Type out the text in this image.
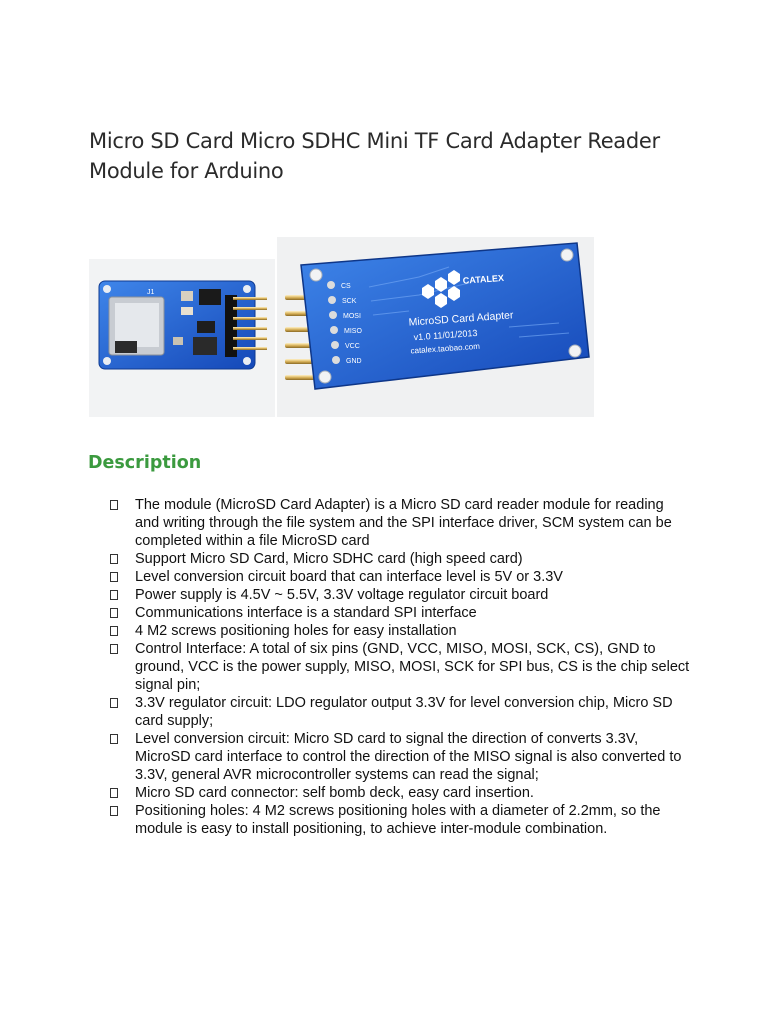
Micro SD Card Micro SDHC Mini TF Card Adapter Reader Module for Arduino
J1
CS
SCK
MOSI
MISO
VCC
GND
CATALEX
MicroSD Card Adapter
v1.0 11/01/2013
catalex.taobao.com
Description
The module (MicroSD Card Adapter) is a Micro SD card reader module for reading and writing through the file system and the SPI interface driver, SCM system can be completed within a file MicroSD card
Support Micro SD Card, Micro SDHC card (high speed card)
Level conversion circuit board that can interface level is 5V or 3.3V
Power supply is 4.5V ~ 5.5V, 3.3V voltage regulator circuit board
Communications interface is a standard SPI interface
4 M2 screws positioning holes for easy installation
Control Interface: A total of six pins (GND, VCC, MISO, MOSI, SCK, CS), GND to ground, VCC is the power supply, MISO, MOSI, SCK for SPI bus, CS is the chip select signal pin;
3.3V regulator circuit: LDO regulator output 3.3V for level conversion chip, Micro SD card supply;
Level conversion circuit: Micro SD card to signal the direction of converts 3.3V, MicroSD card interface to control the direction of the MISO signal is also converted to 3.3V, general AVR microcontroller systems can read the signal;
Micro SD card connector: self bomb deck, easy card insertion.
Positioning holes: 4 M2 screws positioning holes with a diameter of 2.2mm, so the module is easy to install positioning, to achieve inter-module combination.
